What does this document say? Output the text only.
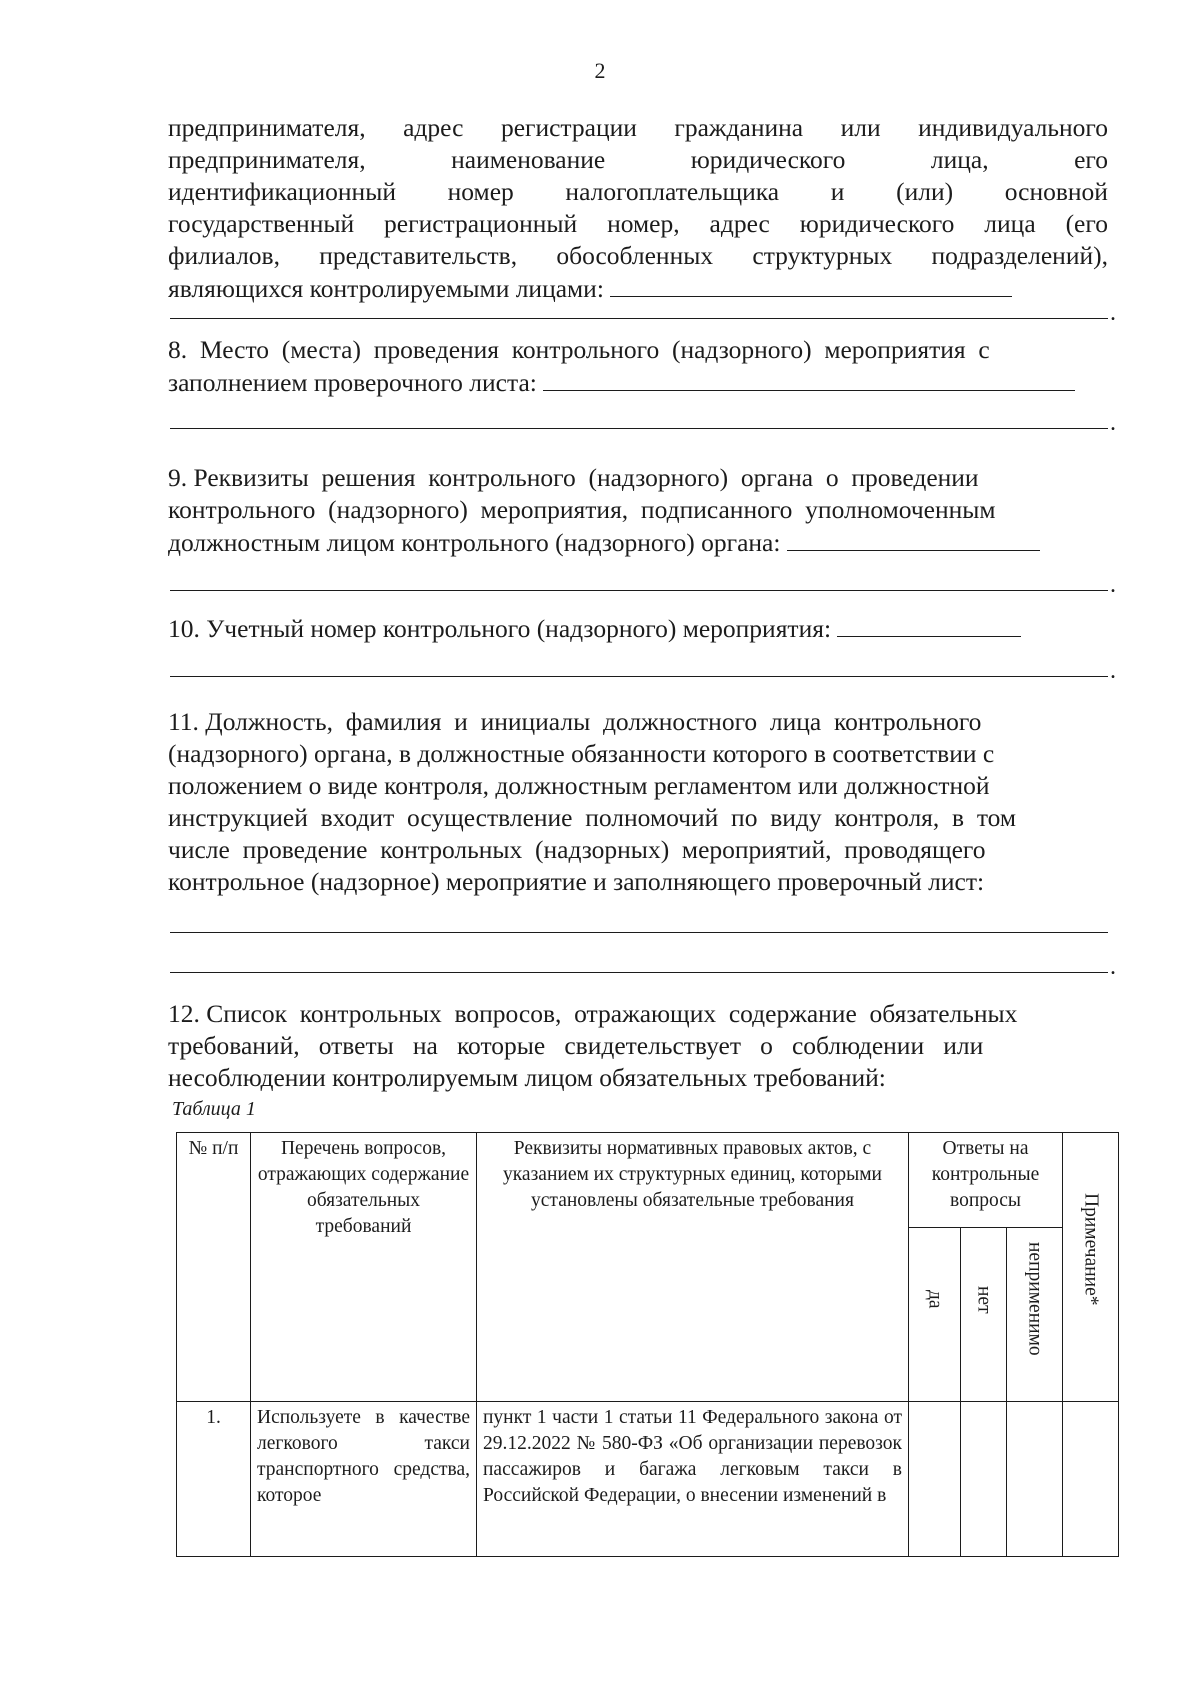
2
предпринимателя, адрес регистрации гражданина или индивидуального
предпринимателя,	наименование	юридического	лица,	его
идентификационный номер налогоплательщика и (или) основной
государственный регистрационный номер, адрес юридического лица (его
филиалов, представительств, обособленных структурных подразделений),
являющихся контролируемыми лицами:
.
8.  Место  (места)  проведения  контрольного  (надзорного)  мероприятия  с
заполнением проверочного листа:
.
9. Реквизиты  решения  контрольного  (надзорного)  органа  о  проведении
контрольного  (надзорного)  мероприятия,  подписанного  уполномоченным
должностным лицом контрольного (надзорного) органа:
.
10. Учетный номер контрольного (надзорного) мероприятия:
.
11. Должность,  фамилия  и  инициалы  должностного  лица  контрольного
(надзорного) органа, в должностные обязанности которого в соответствии с
положением о виде контроля, должностным регламентом или должностной
инструкцией  входит  осуществление  полномочий  по  виду  контроля,  в  том
числе  проведение  контрольных  (надзорных)  мероприятий,  проводящего
контрольное (надзорное) мероприятие и заполняющего проверочный лист:
.
12. Список  контрольных  вопросов,  отражающих  содержание  обязательных
требований,   ответы   на   которые   свидетельствует   о   соблюдении   или
несоблюдении контролируемым лицом обязательных требований:
Таблица 1
№ п/п	Перечень вопросов, отражающих содержание обязательных требований	Реквизиты нормативных правовых актов, с указанием их структурных единиц, которыми установлены обязательные требования	Ответы на контрольные вопросы			Примечание*

			да	нет	неприменимо	

1.	Используете в качестве легкового такси транспортного средства, которое	пункт 1 части 1 статьи 11 Федерального закона от 29.12.2022 № 580-ФЗ «Об организации перевозок пассажиров и багажа легковым такси в Российской Федерации, о внесении изменений в				
